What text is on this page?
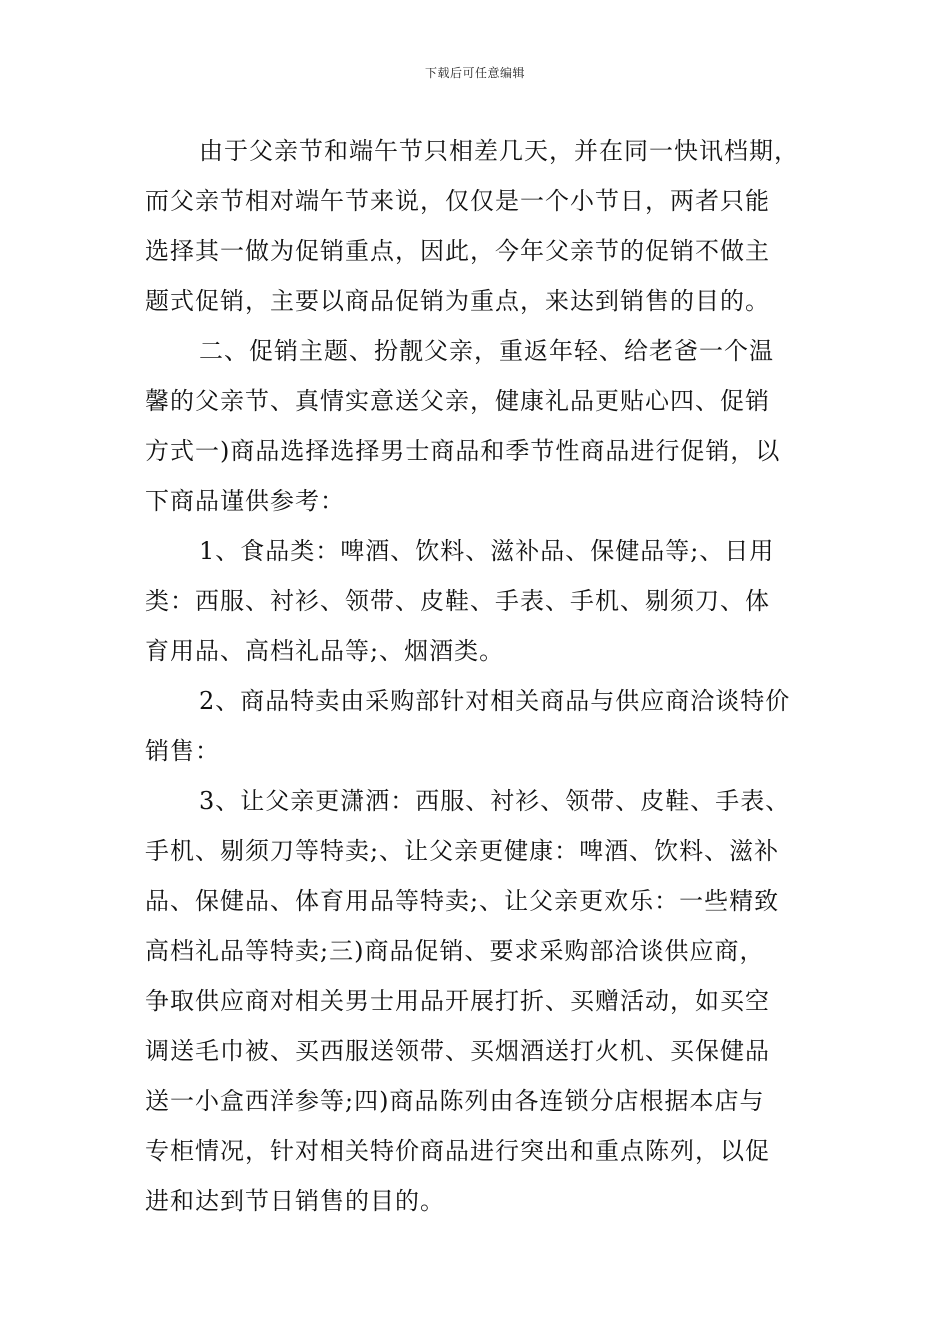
下载后可任意编辑
由于父亲节和端午节只相差几天，并在同一快讯档期，
而父亲节相对端午节来说，仅仅是一个小节日，两者只能
选择其一做为促销重点，因此，今年父亲节的促销不做主
题式促销，主要以商品促销为重点，来达到销售的目的。
二、促销主题、扮靓父亲，重返年轻、给老爸一个温
馨的父亲节、真情实意送父亲，健康礼品更贴心四、促销
方式一)商品选择选择男士商品和季节性商品进行促销，以
下商品谨供参考：
1、食品类：啤酒、饮料、滋补品、保健品等;、日用
类：西服、衬衫、领带、皮鞋、手表、手机、剔须刀、体
育用品、高档礼品等;、烟酒类。
2、商品特卖由采购部针对相关商品与供应商洽谈特价
销售：
3、让父亲更潇洒：西服、衬衫、领带、皮鞋、手表、
手机、剔须刀等特卖;、让父亲更健康：啤酒、饮料、滋补
品、保健品、体育用品等特卖;、让父亲更欢乐：一些精致
高档礼品等特卖;三)商品促销、要求采购部洽谈供应商，
争取供应商对相关男士用品开展打折、买赠活动，如买空
调送毛巾被、买西服送领带、买烟酒送打火机、买保健品
送一小盒西洋参等;四)商品陈列由各连锁分店根据本店与
专柜情况，针对相关特价商品进行突出和重点陈列，以促
进和达到节日销售的目的。
